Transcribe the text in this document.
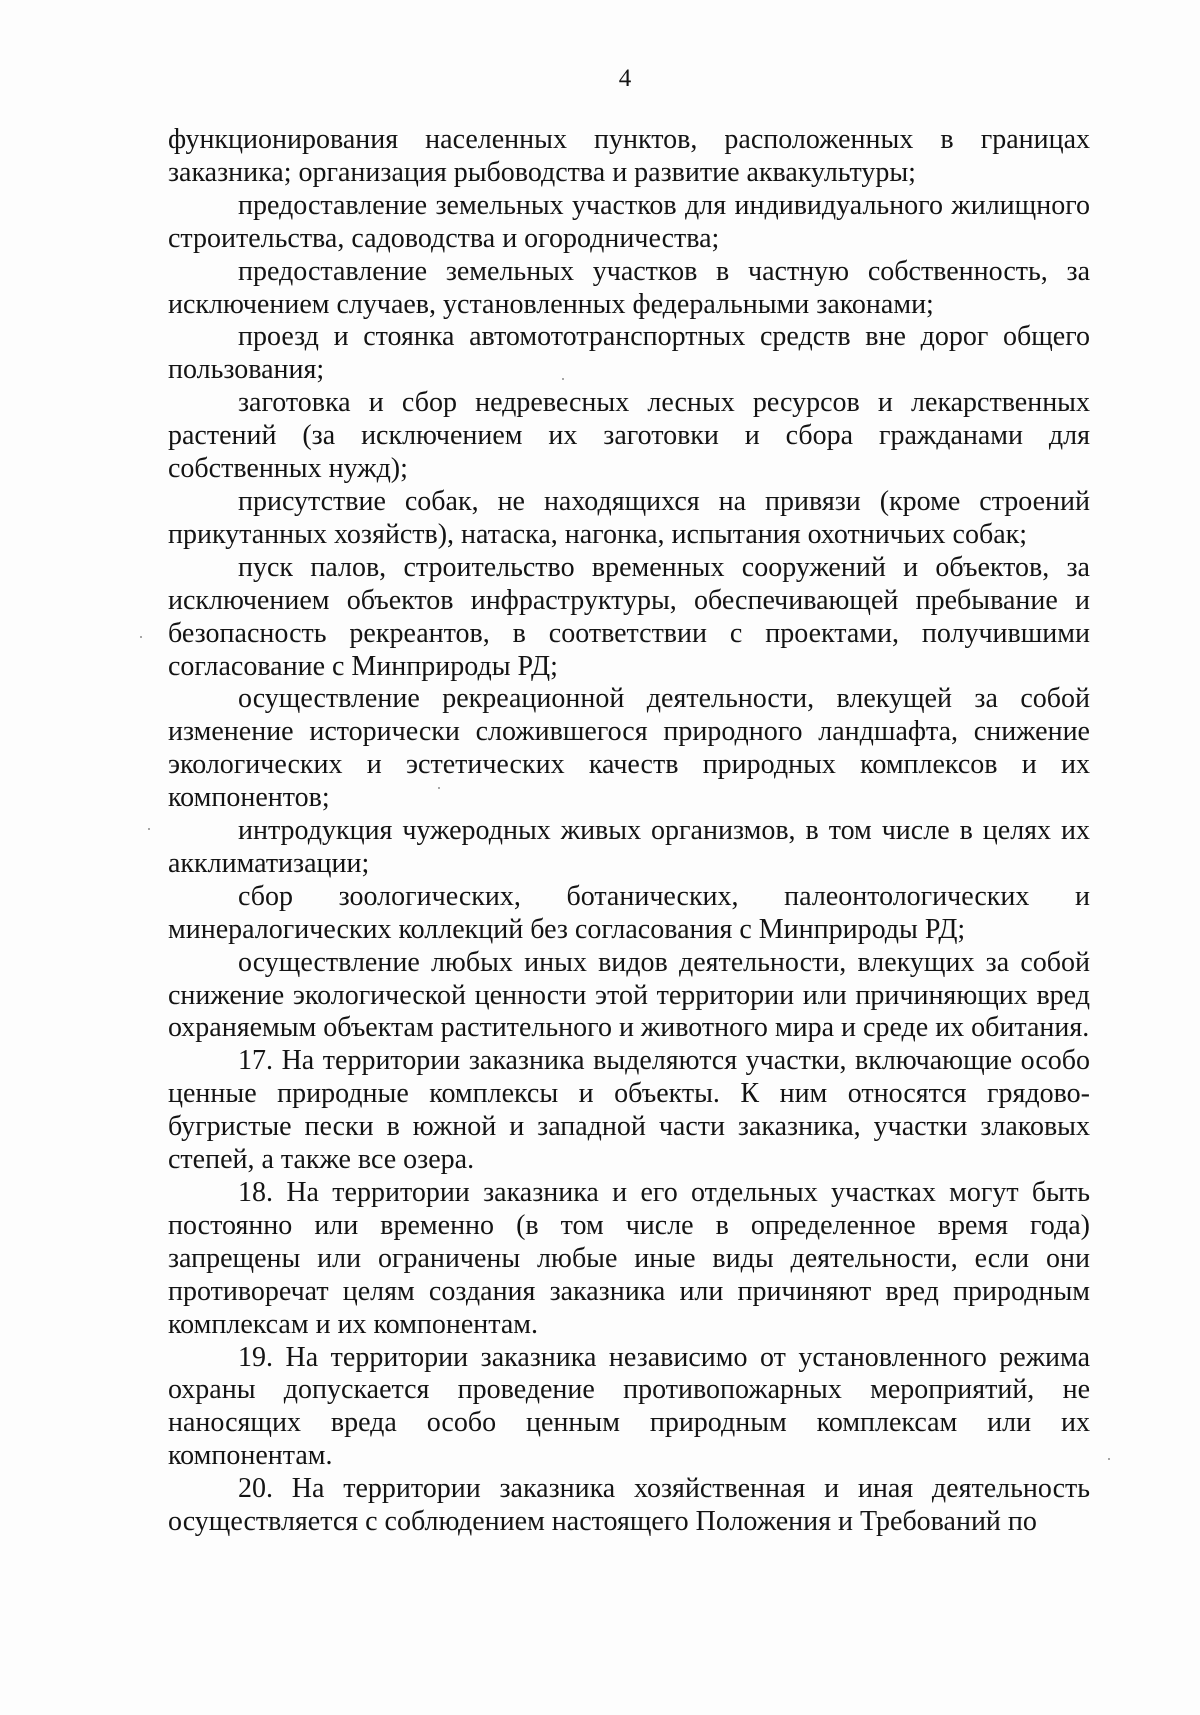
4

функционирования населенных пунктов, расположенных в границах заказника; организация рыбоводства и развитие аквакультуры;

предоставление земельных участков для индивидуального жилищного строительства, садоводства и огородничества;

предоставление земельных участков в частную собственность, за исключением случаев, установленных федеральными законами;

проезд и стоянка автомототранспортных средств вне дорог общего пользования;

заготовка и сбор недревесных лесных ресурсов и лекарственных растений (за исключением их заготовки и сбора гражданами для собственных нужд);

присутствие собак, не находящихся на привязи (кроме строений прикутанных хозяйств), натаска, нагонка, испытания охотничьих собак;

пуск палов, строительство временных сооружений и объектов, за исключением объектов инфраструктуры, обеспечивающей пребывание и безопасность рекреантов, в соответствии с проектами, получившими согласование с Минприроды РД;

осуществление рекреационной деятельности, влекущей за собой изменение исторически сложившегося природного ландшафта, снижение экологических и эстетических качеств природных комплексов и их компонентов;

интродукция чужеродных живых организмов, в том числе в целях их акклиматизации;

сбор зоологических, ботанических, палеонтологических и минералогических коллекций без согласования с Минприроды РД;

осуществление любых иных видов деятельности, влекущих за собой снижение экологической ценности этой территории или причиняющих вред охраняемым объектам растительного и животного мира и среде их обитания.

17. На территории заказника выделяются участки, включающие особо ценные природные комплексы и объекты. К ним относятся грядово-бугристые пески в южной и западной части заказника, участки злаковых степей, а также все озера.

18. На территории заказника и его отдельных участках могут быть постоянно или временно (в том числе в определенное время года) запрещены или ограничены любые иные виды деятельности, если они противоречат целям создания заказника или причиняют вред природным комплексам и их компонентам.

19. На территории заказника независимо от установленного режима охраны допускается проведение противопожарных мероприятий, не наносящих вреда особо ценным природным комплексам или их компонентам.

20. На территории заказника хозяйственная и иная деятельность осуществляется с соблюдением настоящего Положения и Требований по
